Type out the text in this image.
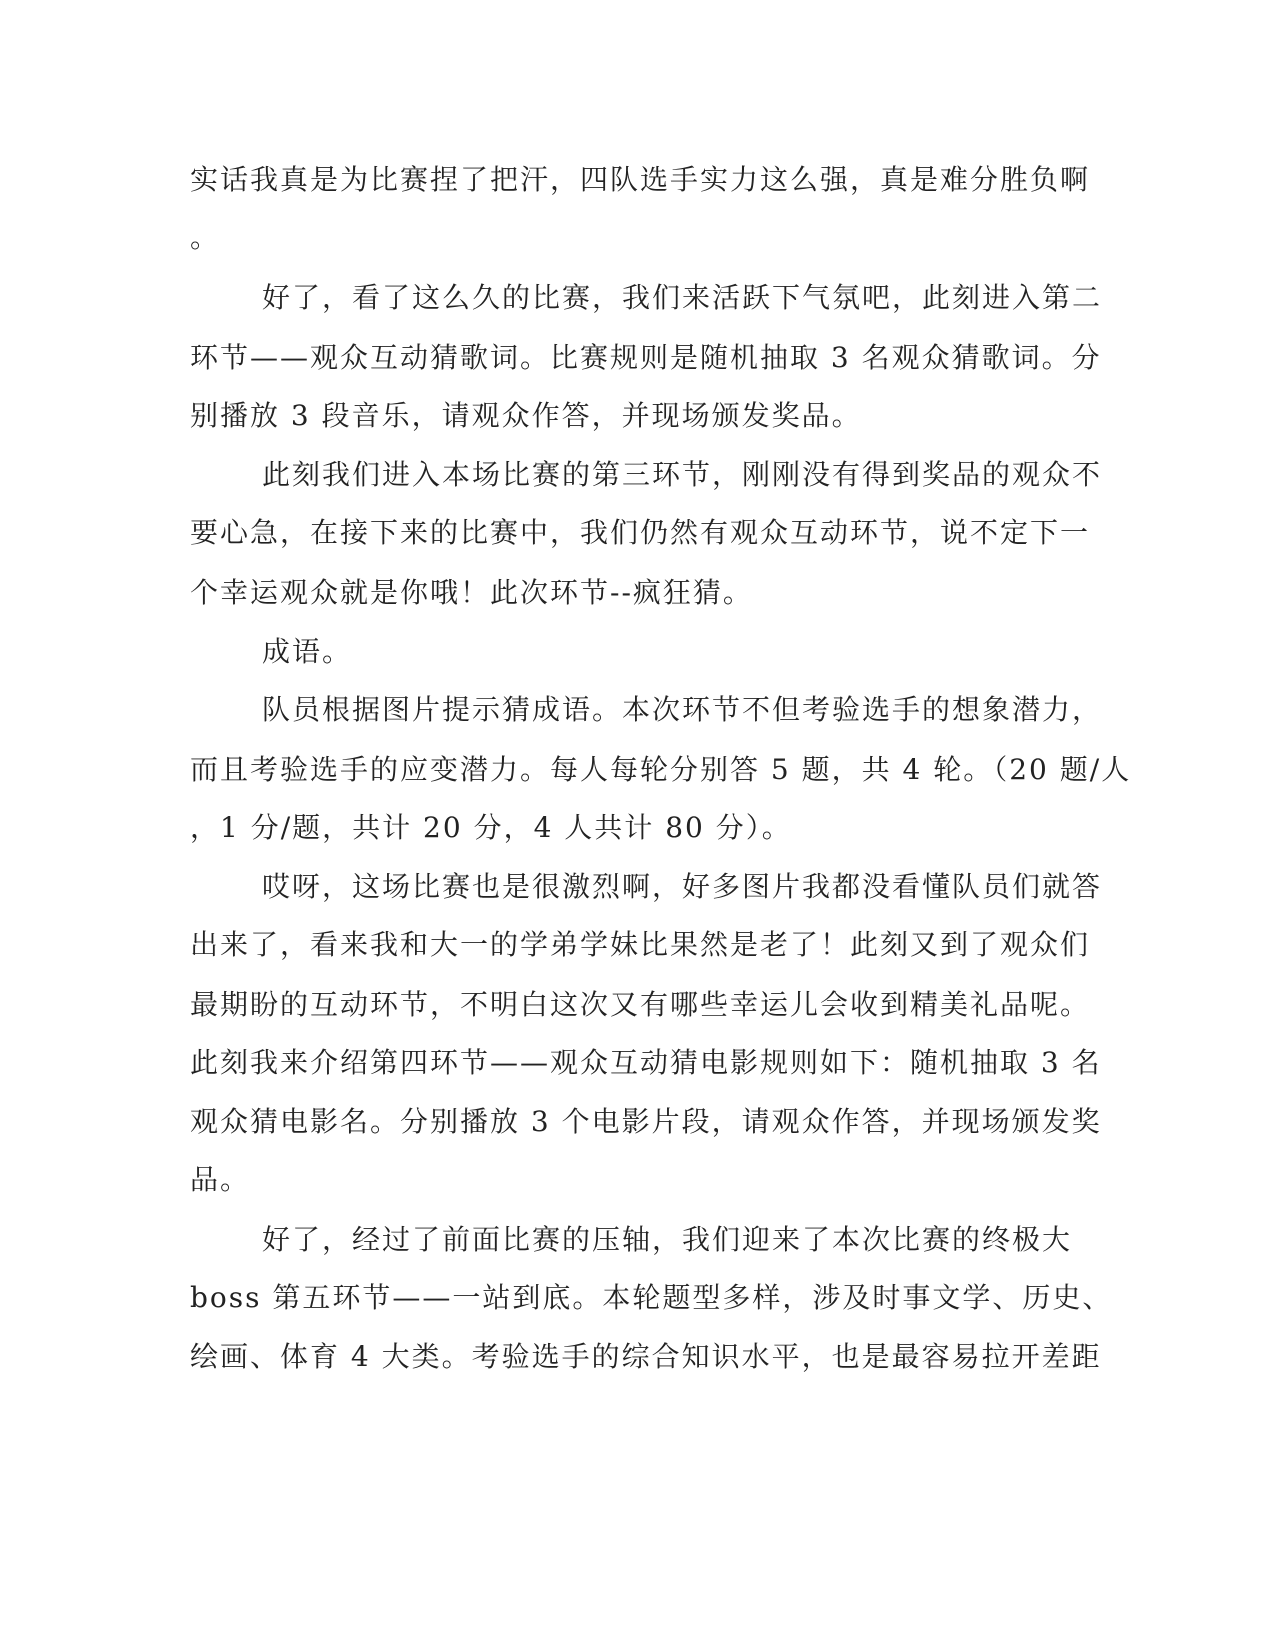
实话我真是为比赛捏了把汗，四队选手实力这么强，真是难分胜负啊
。
好了，看了这么久的比赛，我们来活跃下气氛吧，此刻进入第二
环节——观众互动猜歌词。比赛规则是随机抽取 3 名观众猜歌词。分
别播放 3 段音乐，请观众作答，并现场颁发奖品。
此刻我们进入本场比赛的第三环节，刚刚没有得到奖品的观众不
要心急，在接下来的比赛中，我们仍然有观众互动环节，说不定下一
个幸运观众就是你哦！此次环节--疯狂猜。
成语。
队员根据图片提示猜成语。本次环节不但考验选手的想象潜力，
而且考验选手的应变潜力。每人每轮分别答 5 题，共 4 轮。（20 题/人
，1 分/题，共计 20 分，4 人共计 80 分）。
哎呀，这场比赛也是很激烈啊，好多图片我都没看懂队员们就答
出来了，看来我和大一的学弟学妹比果然是老了！此刻又到了观众们
最期盼的互动环节，不明白这次又有哪些幸运儿会收到精美礼品呢。
此刻我来介绍第四环节——观众互动猜电影规则如下：随机抽取 3 名
观众猜电影名。分别播放 3 个电影片段，请观众作答，并现场颁发奖
品。
好了，经过了前面比赛的压轴，我们迎来了本次比赛的终极大
boss 第五环节——一站到底。本轮题型多样，涉及时事文学、历史、
绘画、体育 4 大类。考验选手的综合知识水平，也是最容易拉开差距
